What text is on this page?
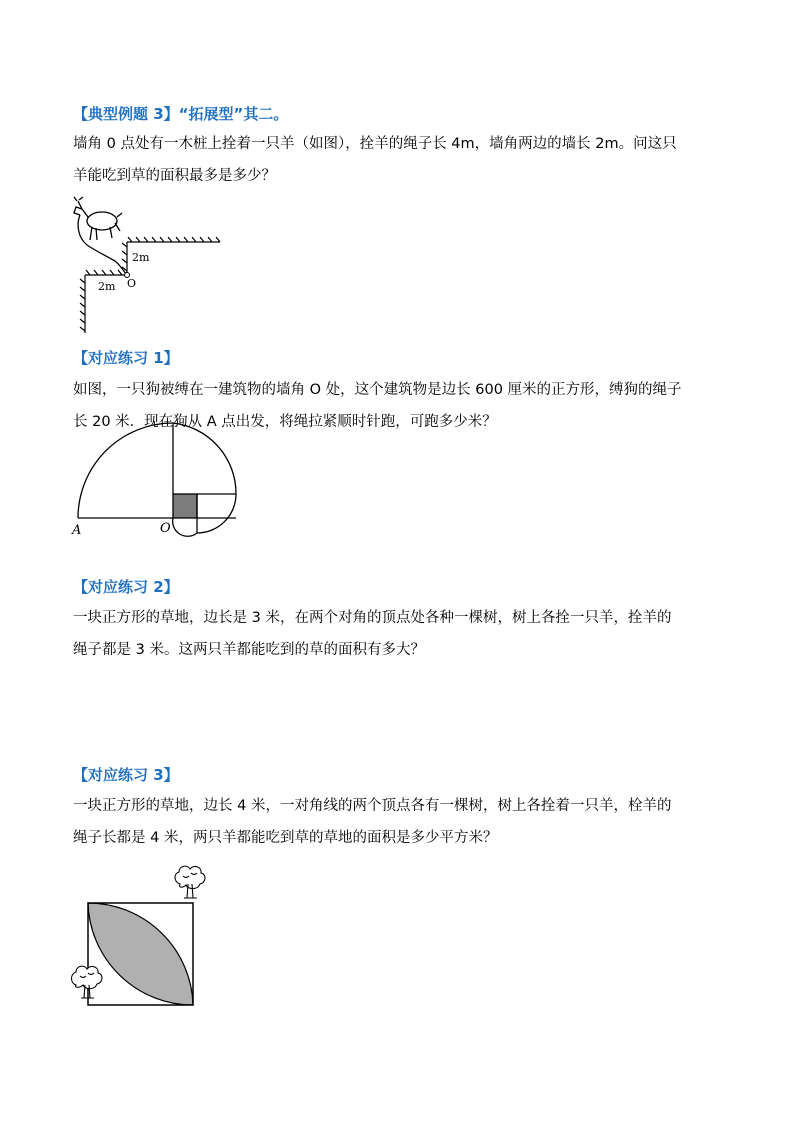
【典型例题 3】“拓展型”其二。
墙角 0 点处有一木桩上拴着一只羊（如图），拴羊的绳子长 4m，墙角两边的墙长 2m。问这只
羊能吃到草的面积最多是多少？
2m
O
2m
【对应练习 1】
如图，一只狗被缚在一建筑物的墙角 O 处，这个建筑物是边长 600 厘米的正方形，缚狗的绳子
长 20 米．现在狗从 A 点出发，将绳拉紧顺时针跑，可跑多少米？
A	O
【对应练习 2】
一块正方形的草地，边长是 3 米，在两个对角的顶点处各种一棵树，树上各拴一只羊，拴羊的
绳子都是 3 米。这两只羊都能吃到的草的面积有多大？
【对应练习 3】
一块正方形的草地，边长 4 米，一对角线的两个顶点各有一棵树，树上各拴着一只羊，栓羊的
绳子长都是 4 米，两只羊都能吃到草的草地的面积是多少平方米？
